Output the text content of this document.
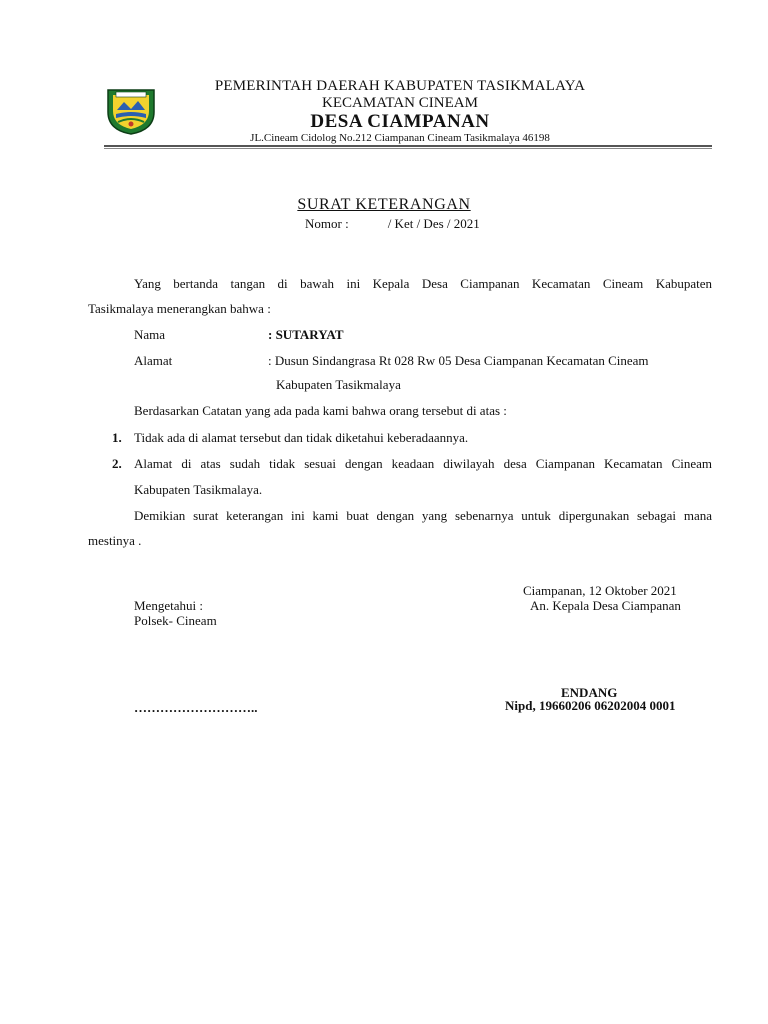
PEMERINTAH DAERAH KABUPATEN TASIKMALAYA
KECAMATAN CINEAM
DESA CIAMPANAN
JL.Cineam Cidolog No.212 Ciampanan Cineam Tasikmalaya 46198
SURAT KETERANGAN
Nomor :            / Ket / Des / 2021
Yang bertanda tangan di bawah ini Kepala Desa Ciampanan Kecamatan Cineam Kabupaten
Tasikmalaya menerangkan bahwa :
Nama	: SUTARYAT
Alamat	: Dusun Sindangrasa Rt 028 Rw 05 Desa Ciampanan Kecamatan Cineam
Kabupaten Tasikmalaya
Berdasarkan Catatan yang ada pada kami bahwa orang tersebut di atas :
1. Tidak ada di alamat tersebut dan tidak diketahui keberadaannya.
2. Alamat di atas sudah tidak sesuai dengan keadaan diwilayah desa Ciampanan Kecamatan Cineam
Kabupaten Tasikmalaya.
Demikian surat keterangan ini kami buat dengan yang sebenarnya untuk dipergunakan sebagai mana
mestinya .
Ciampanan, 12 Oktober 2021
Mengetahui :	An. Kepala Desa Ciampanan
Polsek- Cineam
ENDANG
………………………..	Nipd, 19660206 06202004 0001
